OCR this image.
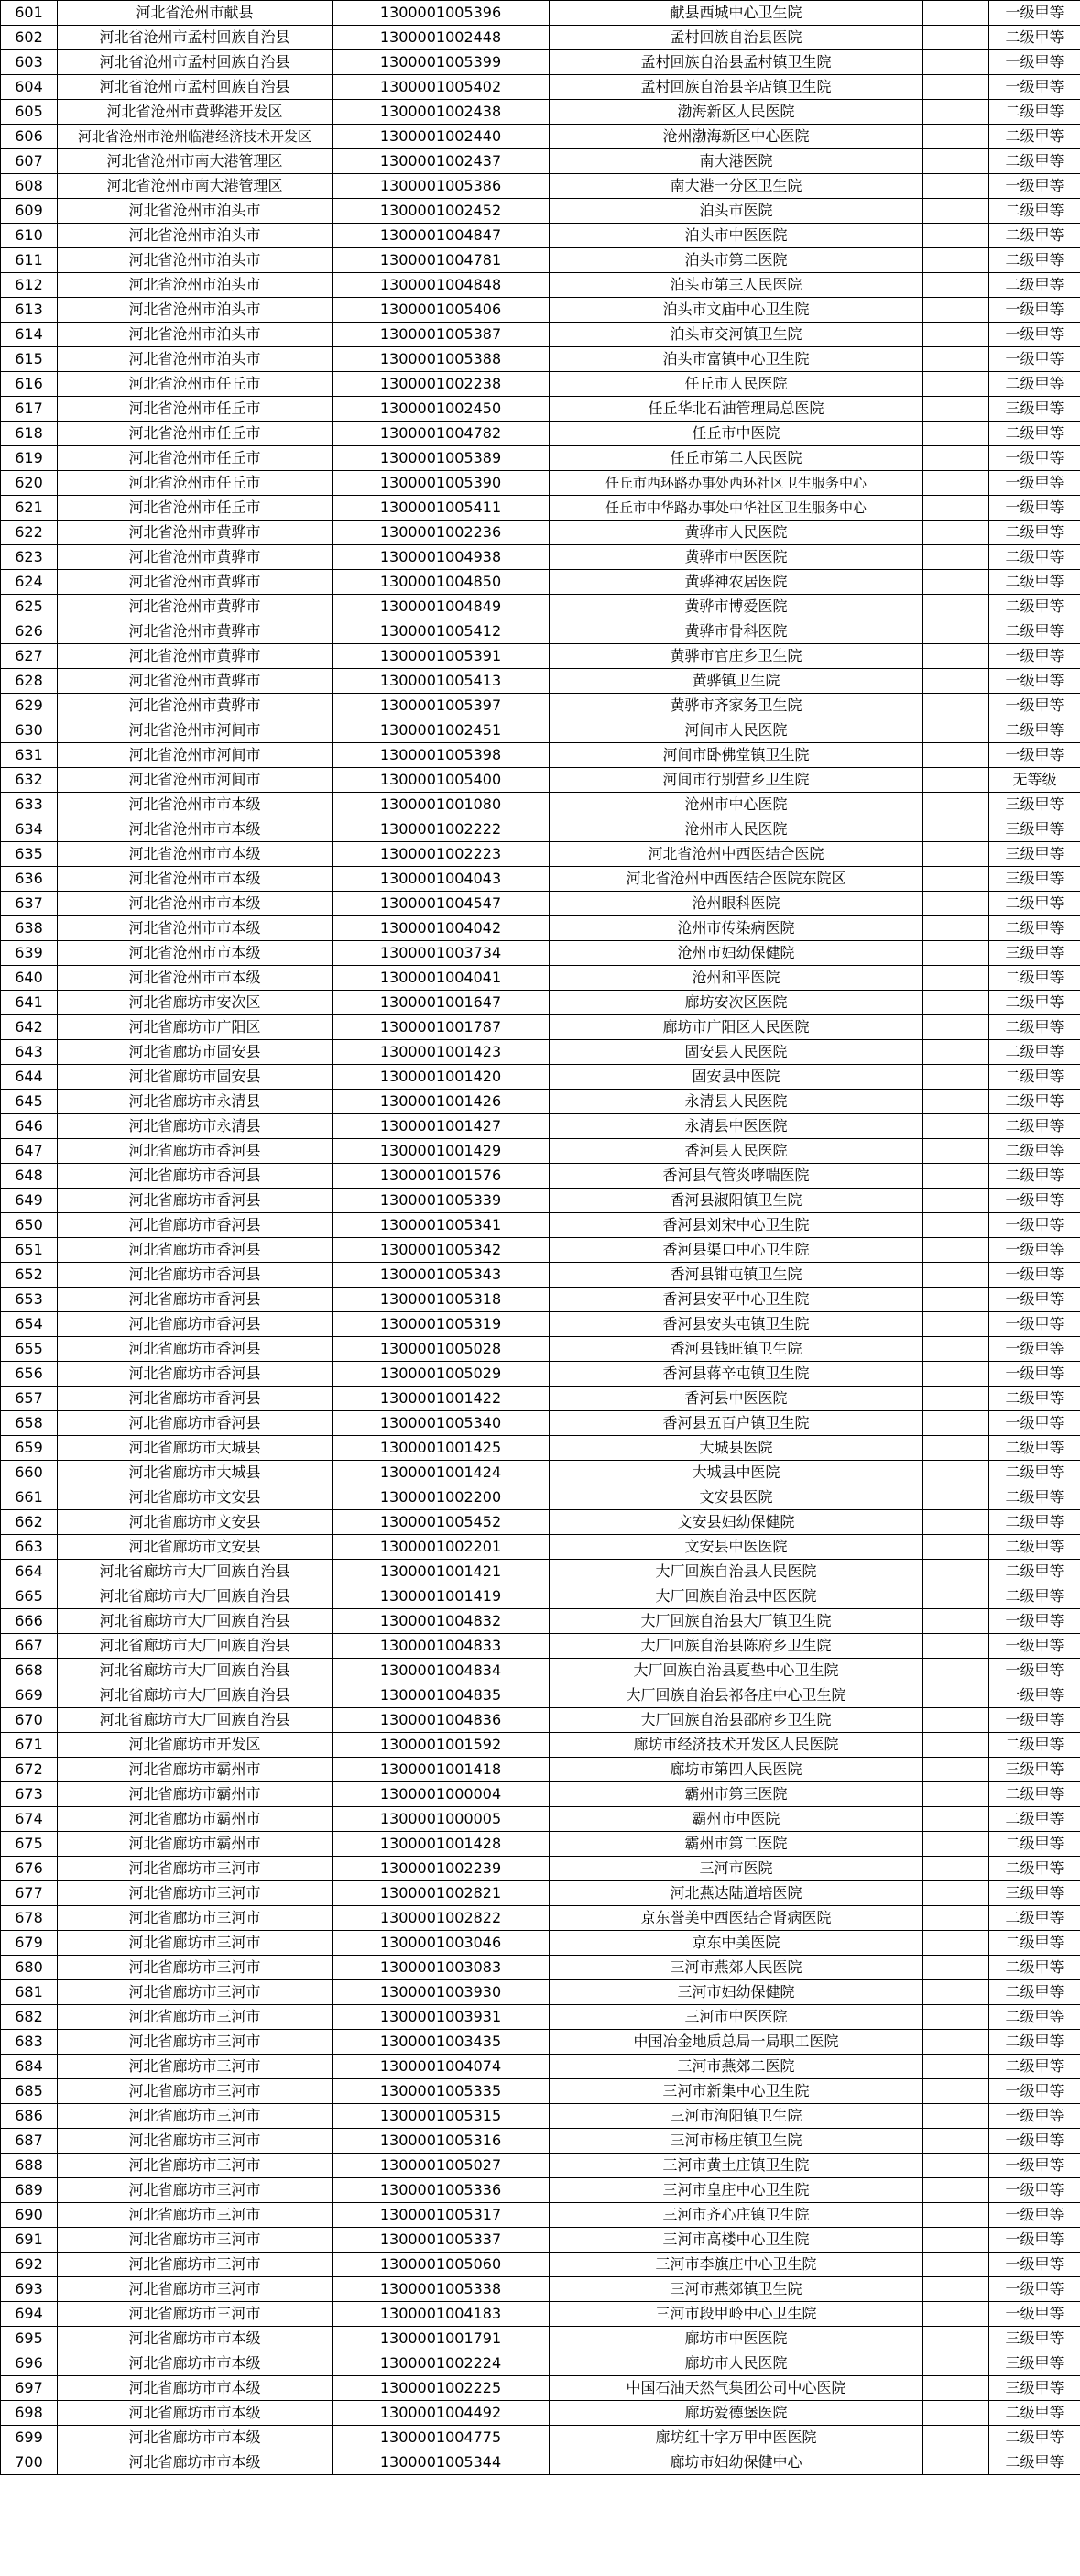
601	河北省沧州市献县	1300001005396	献县西城中心卫生院		一级甲等
602	河北省沧州市孟村回族自治县	1300001002448	孟村回族自治县医院		二级甲等
603	河北省沧州市孟村回族自治县	1300001005399	孟村回族自治县孟村镇卫生院		一级甲等
604	河北省沧州市孟村回族自治县	1300001005402	孟村回族自治县辛店镇卫生院		一级甲等
605	河北省沧州市黄骅港开发区	1300001002438	渤海新区人民医院		二级甲等
606	河北省沧州市沧州临港经济技术开发区	1300001002440	沧州渤海新区中心医院		二级甲等
607	河北省沧州市南大港管理区	1300001002437	南大港医院		二级甲等
608	河北省沧州市南大港管理区	1300001005386	南大港一分区卫生院		一级甲等
609	河北省沧州市泊头市	1300001002452	泊头市医院		二级甲等
610	河北省沧州市泊头市	1300001004847	泊头市中医医院		二级甲等
611	河北省沧州市泊头市	1300001004781	泊头市第二医院		二级甲等
612	河北省沧州市泊头市	1300001004848	泊头市第三人民医院		二级甲等
613	河北省沧州市泊头市	1300001005406	泊头市文庙中心卫生院		一级甲等
614	河北省沧州市泊头市	1300001005387	泊头市交河镇卫生院		一级甲等
615	河北省沧州市泊头市	1300001005388	泊头市富镇中心卫生院		一级甲等
616	河北省沧州市任丘市	1300001002238	任丘市人民医院		二级甲等
617	河北省沧州市任丘市	1300001002450	任丘华北石油管理局总医院		三级甲等
618	河北省沧州市任丘市	1300001004782	任丘市中医院		二级甲等
619	河北省沧州市任丘市	1300001005389	任丘市第二人民医院		一级甲等
620	河北省沧州市任丘市	1300001005390	任丘市西环路办事处西环社区卫生服务中心		一级甲等
621	河北省沧州市任丘市	1300001005411	任丘市中华路办事处中华社区卫生服务中心		一级甲等
622	河北省沧州市黄骅市	1300001002236	黄骅市人民医院		二级甲等
623	河北省沧州市黄骅市	1300001004938	黄骅市中医医院		二级甲等
624	河北省沧州市黄骅市	1300001004850	黄骅神农居医院		二级甲等
625	河北省沧州市黄骅市	1300001004849	黄骅市博爱医院		二级甲等
626	河北省沧州市黄骅市	1300001005412	黄骅市骨科医院		二级甲等
627	河北省沧州市黄骅市	1300001005391	黄骅市官庄乡卫生院		一级甲等
628	河北省沧州市黄骅市	1300001005413	黄骅镇卫生院		一级甲等
629	河北省沧州市黄骅市	1300001005397	黄骅市齐家务卫生院		一级甲等
630	河北省沧州市河间市	1300001002451	河间市人民医院		二级甲等
631	河北省沧州市河间市	1300001005398	河间市卧佛堂镇卫生院		一级甲等
632	河北省沧州市河间市	1300001005400	河间市行别营乡卫生院		无等级
633	河北省沧州市市本级	1300001001080	沧州市中心医院		三级甲等
634	河北省沧州市市本级	1300001002222	沧州市人民医院		三级甲等
635	河北省沧州市市本级	1300001002223	河北省沧州中西医结合医院		三级甲等
636	河北省沧州市市本级	1300001004043	河北省沧州中西医结合医院东院区		三级甲等
637	河北省沧州市市本级	1300001004547	沧州眼科医院		二级甲等
638	河北省沧州市市本级	1300001004042	沧州市传染病医院		二级甲等
639	河北省沧州市市本级	1300001003734	沧州市妇幼保健院		三级甲等
640	河北省沧州市市本级	1300001004041	沧州和平医院		二级甲等
641	河北省廊坊市安次区	1300001001647	廊坊安次区医院		二级甲等
642	河北省廊坊市广阳区	1300001001787	廊坊市广阳区人民医院		二级甲等
643	河北省廊坊市固安县	1300001001423	固安县人民医院		二级甲等
644	河北省廊坊市固安县	1300001001420	固安县中医院		二级甲等
645	河北省廊坊市永清县	1300001001426	永清县人民医院		二级甲等
646	河北省廊坊市永清县	1300001001427	永清县中医医院		二级甲等
647	河北省廊坊市香河县	1300001001429	香河县人民医院		二级甲等
648	河北省廊坊市香河县	1300001001576	香河县气管炎哮喘医院		二级甲等
649	河北省廊坊市香河县	1300001005339	香河县淑阳镇卫生院		一级甲等
650	河北省廊坊市香河县	1300001005341	香河县刘宋中心卫生院		一级甲等
651	河北省廊坊市香河县	1300001005342	香河县渠口中心卫生院		一级甲等
652	河北省廊坊市香河县	1300001005343	香河县钳屯镇卫生院		一级甲等
653	河北省廊坊市香河县	1300001005318	香河县安平中心卫生院		一级甲等
654	河北省廊坊市香河县	1300001005319	香河县安头屯镇卫生院		一级甲等
655	河北省廊坊市香河县	1300001005028	香河县钱旺镇卫生院		一级甲等
656	河北省廊坊市香河县	1300001005029	香河县蒋辛屯镇卫生院		一级甲等
657	河北省廊坊市香河县	1300001001422	香河县中医医院		二级甲等
658	河北省廊坊市香河县	1300001005340	香河县五百户镇卫生院		一级甲等
659	河北省廊坊市大城县	1300001001425	大城县医院		二级甲等
660	河北省廊坊市大城县	1300001001424	大城县中医院		二级甲等
661	河北省廊坊市文安县	1300001002200	文安县医院		二级甲等
662	河北省廊坊市文安县	1300001005452	文安县妇幼保健院		二级甲等
663	河北省廊坊市文安县	1300001002201	文安县中医医院		二级甲等
664	河北省廊坊市大厂回族自治县	1300001001421	大厂回族自治县人民医院		二级甲等
665	河北省廊坊市大厂回族自治县	1300001001419	大厂回族自治县中医医院		二级甲等
666	河北省廊坊市大厂回族自治县	1300001004832	大厂回族自治县大厂镇卫生院		一级甲等
667	河北省廊坊市大厂回族自治县	1300001004833	大厂回族自治县陈府乡卫生院		一级甲等
668	河北省廊坊市大厂回族自治县	1300001004834	大厂回族自治县夏垫中心卫生院		一级甲等
669	河北省廊坊市大厂回族自治县	1300001004835	大厂回族自治县祁各庄中心卫生院		一级甲等
670	河北省廊坊市大厂回族自治县	1300001004836	大厂回族自治县邵府乡卫生院		一级甲等
671	河北省廊坊市开发区	1300001001592	廊坊市经济技术开发区人民医院		二级甲等
672	河北省廊坊市霸州市	1300001001418	廊坊市第四人民医院		三级甲等
673	河北省廊坊市霸州市	1300001000004	霸州市第三医院		二级甲等
674	河北省廊坊市霸州市	1300001000005	霸州市中医院		二级甲等
675	河北省廊坊市霸州市	1300001001428	霸州市第二医院		二级甲等
676	河北省廊坊市三河市	1300001002239	三河市医院		二级甲等
677	河北省廊坊市三河市	1300001002821	河北燕达陆道培医院		三级甲等
678	河北省廊坊市三河市	1300001002822	京东誉美中西医结合肾病医院		二级甲等
679	河北省廊坊市三河市	1300001003046	京东中美医院		二级甲等
680	河北省廊坊市三河市	1300001003083	三河市燕郊人民医院		二级甲等
681	河北省廊坊市三河市	1300001003930	三河市妇幼保健院		二级甲等
682	河北省廊坊市三河市	1300001003931	三河市中医医院		二级甲等
683	河北省廊坊市三河市	1300001003435	中国冶金地质总局一局职工医院		二级甲等
684	河北省廊坊市三河市	1300001004074	三河市燕郊二医院		二级甲等
685	河北省廊坊市三河市	1300001005335	三河市新集中心卫生院		一级甲等
686	河北省廊坊市三河市	1300001005315	三河市泃阳镇卫生院		一级甲等
687	河北省廊坊市三河市	1300001005316	三河市杨庄镇卫生院		一级甲等
688	河北省廊坊市三河市	1300001005027	三河市黄土庄镇卫生院		一级甲等
689	河北省廊坊市三河市	1300001005336	三河市皇庄中心卫生院		一级甲等
690	河北省廊坊市三河市	1300001005317	三河市齐心庄镇卫生院		一级甲等
691	河北省廊坊市三河市	1300001005337	三河市高楼中心卫生院		一级甲等
692	河北省廊坊市三河市	1300001005060	三河市李旗庄中心卫生院		一级甲等
693	河北省廊坊市三河市	1300001005338	三河市燕郊镇卫生院		一级甲等
694	河北省廊坊市三河市	1300001004183	三河市段甲岭中心卫生院		一级甲等
695	河北省廊坊市市本级	1300001001791	廊坊市中医医院		三级甲等
696	河北省廊坊市市本级	1300001002224	廊坊市人民医院		三级甲等
697	河北省廊坊市市本级	1300001002225	中国石油天然气集团公司中心医院		三级甲等
698	河北省廊坊市市本级	1300001004492	廊坊爱德堡医院		二级甲等
699	河北省廊坊市市本级	1300001004775	廊坊红十字万甲中医医院		二级甲等
700	河北省廊坊市市本级	1300001005344	廊坊市妇幼保健中心		二级甲等
